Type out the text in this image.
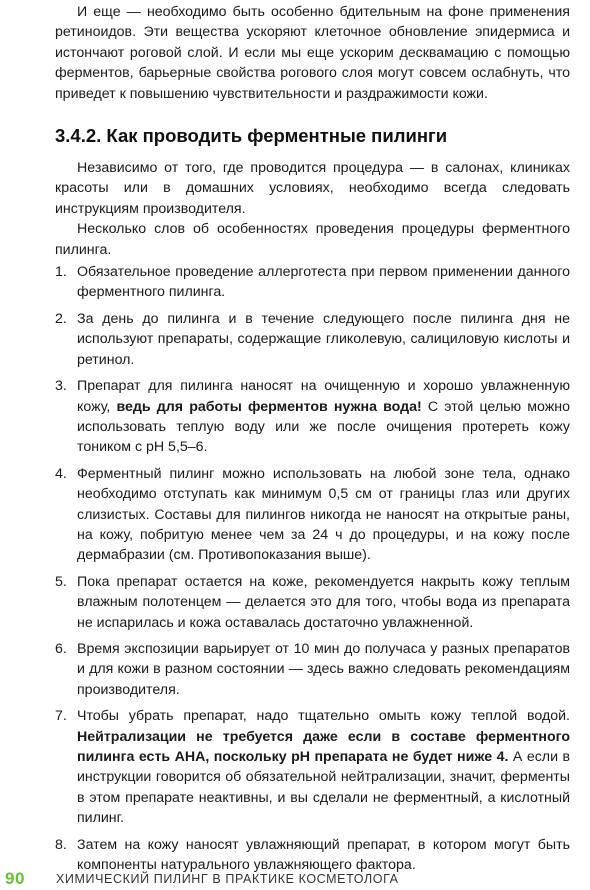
И еще — необходимо быть особенно бдительным на фоне применения ретиноидов. Эти вещества ускоряют клеточное обновление эпидермиса и истончают роговой слой. И если мы еще ускорим десквамацию с помощью ферментов, барьерные свойства рогового слоя могут совсем ослабнуть, что приведет к повышению чувствительности и раздражимости кожи.

3.4.2. Как проводить ферментные пилинги

Независимо от того, где проводится процедура — в салонах, клиниках красоты или в домашних условиях, необходимо всегда следовать инструкциям производителя.

Несколько слов об особенностях проведения процедуры ферментного пилинга.

1. Обязательное проведение аллерготеста при первом применении данного ферментного пилинга.

2. За день до пилинга и в течение следующего после пилинга дня не используют препараты, содержащие гликолевую, салициловую кислоты и ретинол.

3. Препарат для пилинга наносят на очищенную и хорошо увлажненную кожу, ведь для работы ферментов нужна вода! С этой целью можно использовать теплую воду или же после очищения протереть кожу тоником с pH 5,5–6.

4. Ферментный пилинг можно использовать на любой зоне тела, однако необходимо отступать как минимум 0,5 см от границы глаз или других слизистых. Составы для пилингов никогда не наносят на открытые раны, на кожу, побритую менее чем за 24 ч до процедуры, и на кожу после дермабразии (см. Противопоказания выше).

5. Пока препарат остается на коже, рекомендуется накрыть кожу теплым влажным полотенцем — делается это для того, чтобы вода из препарата не испарилась и кожа оставалась достаточно увлажненной.

6. Время экспозиции варьирует от 10 мин до получаса у разных препаратов и для кожи в разном состоянии — здесь важно следовать рекомендациям производителя.

7. Чтобы убрать препарат, надо тщательно омыть кожу теплой водой. Нейтрализации не требуется даже если в составе ферментного пилинга есть АНА, поскольку pH препарата не будет ниже 4. А если в инструкции говорится об обязательной нейтрализации, значит, ферменты в этом препарате неактивны, и вы сделали не ферментный, а кислотный пилинг.

8. Затем на кожу наносят увлажняющий препарат, в котором могут быть компоненты натурального увлажняющего фактора.

90 ХИМИЧЕСКИЙ ПИЛИНГ В ПРАКТИКЕ КОСМЕТОЛОГА
